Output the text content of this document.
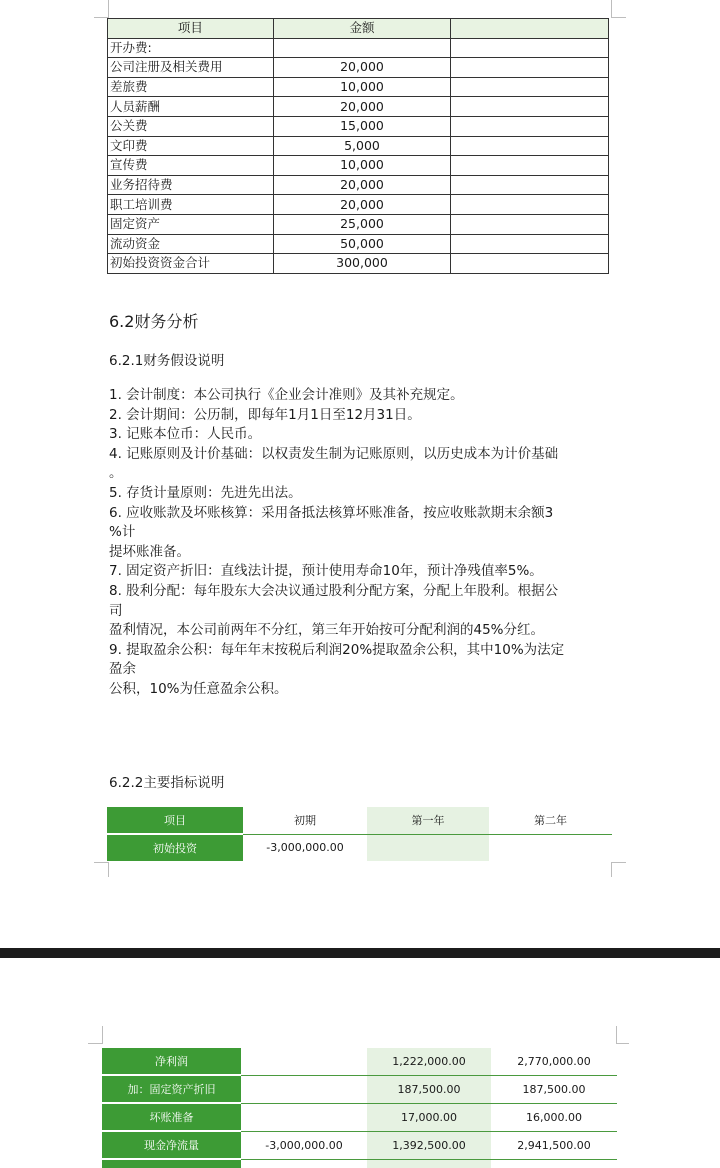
项目	金额	
开办费:		
公司注册及相关费用	20,000	
差旅费	10,000	
人员薪酬	20,000	
公关费	15,000	
文印费	5,000	
宣传费	10,000	
业务招待费	20,000	
职工培训费	20,000	
固定资产	25,000	
流动资金	50,000	
初始投资资金合计	300,000	
6.2财务分析
6.2.1财务假设说明

1. 会计制度：本公司执行《企业会计准则》及其补充规定。

2. 会计期间：公历制，即每年1月1日至12月31日。

3. 记账本位币：人民币。

4. 记账原则及计价基础：以权责发生制为记账原则，以历史成本为计价基础

。

5. 存货计量原则：先进先出法。

6. 应收账款及坏账核算：采用备抵法核算坏账准备，按应收账款期末余额3

%计

提坏账准备。

7. 固定资产折旧：直线法计提，预计使用寿命10年，预计净残值率5%。

8. 股利分配：每年股东大会决议通过股利分配方案，分配上年股利。根据公

司

盈利情况，本公司前两年不分红，第三年开始按可分配利润的45%分红。

9. 提取盈余公积：每年年末按税后利润20%提取盈余公积，其中10%为法定

盈余

公积，10%为任意盈余公积。

6.2.2主要指标说明
项目	初期	第一年	第二年
初始投资	-3,000,000.00		
净利润		1,222,000.00	2,770,000.00
加：固定资产折旧		187,500.00	187,500.00
坏账准备		17,000.00	16,000.00
现金净流量	-3,000,000.00	1,392,500.00	2,941,500.00
